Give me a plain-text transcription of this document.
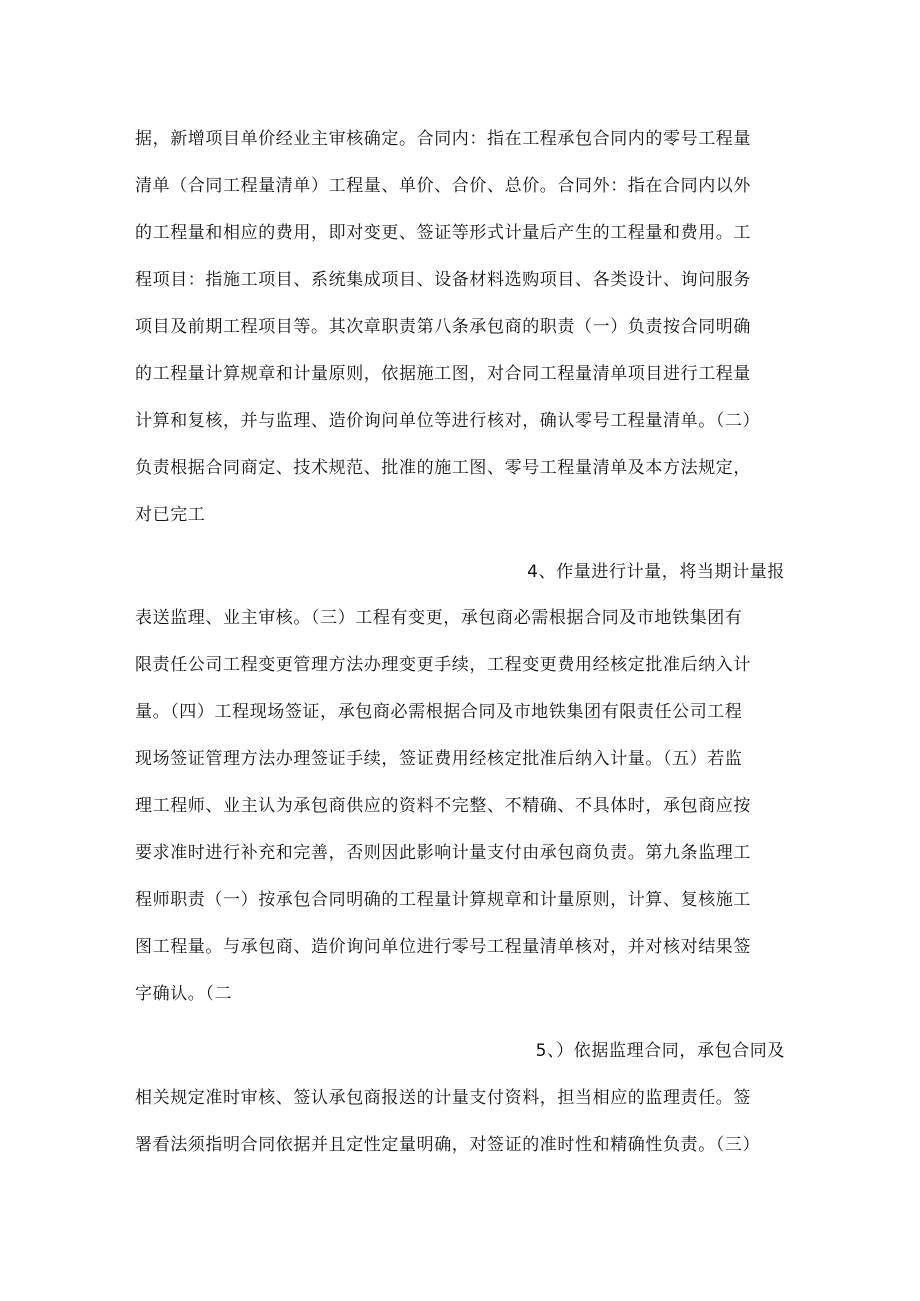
据，新增项目单价经业主审核确定。合同内：指在工程承包合同内的零号工程量
清单（合同工程量清单）工程量、单价、合价、总价。合同外：指在合同内以外
的工程量和相应的费用，即对变更、签证等形式计量后产生的工程量和费用。工
程项目：指施工项目、系统集成项目、设备材料选购项目、各类设计、询问服务
项目及前期工程项目等。其次章职责第八条承包商的职责（一）负责按合同明确
的工程量计算规章和计量原则，依据施工图，对合同工程量清单项目进行工程量
计算和复核，并与监理、造价询问单位等进行核对，确认零号工程量清单。（二）
负责根据合同商定、技术规范、批准的施工图、零号工程量清单及本方法规定，
对已完工
4、作量进行计量，将当期计量报
表送监理、业主审核。（三）工程有变更，承包商必需根据合同及市地铁集团有
限责任公司工程变更管理方法办理变更手续，工程变更费用经核定批准后纳入计
量。（四）工程现场签证，承包商必需根据合同及市地铁集团有限责任公司工程
现场签证管理方法办理签证手续，签证费用经核定批准后纳入计量。（五）若监
理工程师、业主认为承包商供应的资料不完整、不精确、不具体时，承包商应按
要求准时进行补充和完善，否则因此影响计量支付由承包商负责。第九条监理工
程师职责（一）按承包合同明确的工程量计算规章和计量原则，计算、复核施工
图工程量。与承包商、造价询问单位进行零号工程量清单核对，并对核对结果签
字确认。（二
5、）依据监理合同，承包合同及
相关规定准时审核、签认承包商报送的计量支付资料，担当相应的监理责任。签
署看法须指明合同依据并且定性定量明确，对签证的准时性和精确性负责。（三）
